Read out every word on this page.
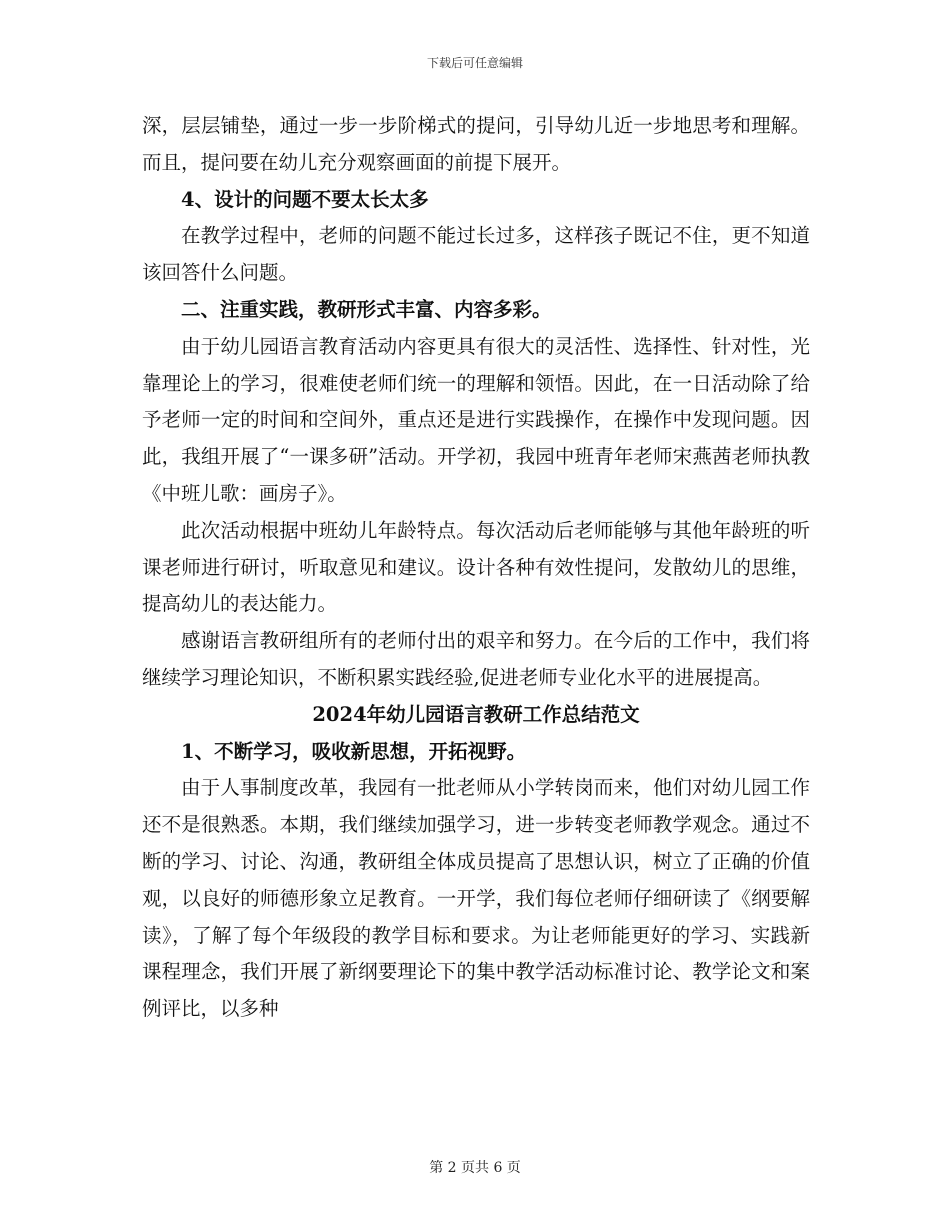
下载后可任意编辑

深，层层铺垫，通过一步一步阶梯式的提问，引导幼儿近一步地思考和理解。而且，提问要在幼儿充分观察画面的前提下展开。

4、设计的问题不要太长太多

在教学过程中，老师的问题不能过长过多，这样孩子既记不住，更不知道该回答什么问题。

二、注重实践，教研形式丰富、内容多彩。

由于幼儿园语言教育活动内容更具有很大的灵活性、选择性、针对性，光靠理论上的学习，很难使老师们统一的理解和领悟。因此，在一日活动除了给予老师一定的时间和空间外，重点还是进行实践操作，在操作中发现问题。因此，我组开展了“一课多研”活动。开学初，我园中班青年老师宋燕茜老师执教《中班儿歌：画房子》。

此次活动根据中班幼儿年龄特点。每次活动后老师能够与其他年龄班的听课老师进行研讨，听取意见和建议。设计各种有效性提问，发散幼儿的思维，提高幼儿的表达能力。

感谢语言教研组所有的老师付出的艰辛和努力。在今后的工作中，我们将继续学习理论知识，不断积累实践经验,促进老师专业化水平的进展提高。

2024年幼儿园语言教研工作总结范文

1、不断学习，吸收新思想，开拓视野。

由于人事制度改革，我园有一批老师从小学转岗而来，他们对幼儿园工作还不是很熟悉。本期，我们继续加强学习，进一步转变老师教学观念。通过不断的学习、讨论、沟通，教研组全体成员提高了思想认识，树立了正确的价值观，以良好的师德形象立足教育。一开学，我们每位老师仔细研读了《纲要解读》，了解了每个年级段的教学目标和要求。为让老师能更好的学习、实践新课程理念，我们开展了新纲要理论下的集中教学活动标准讨论、教学论文和案例评比，以多种

第 2 页共 6 页
